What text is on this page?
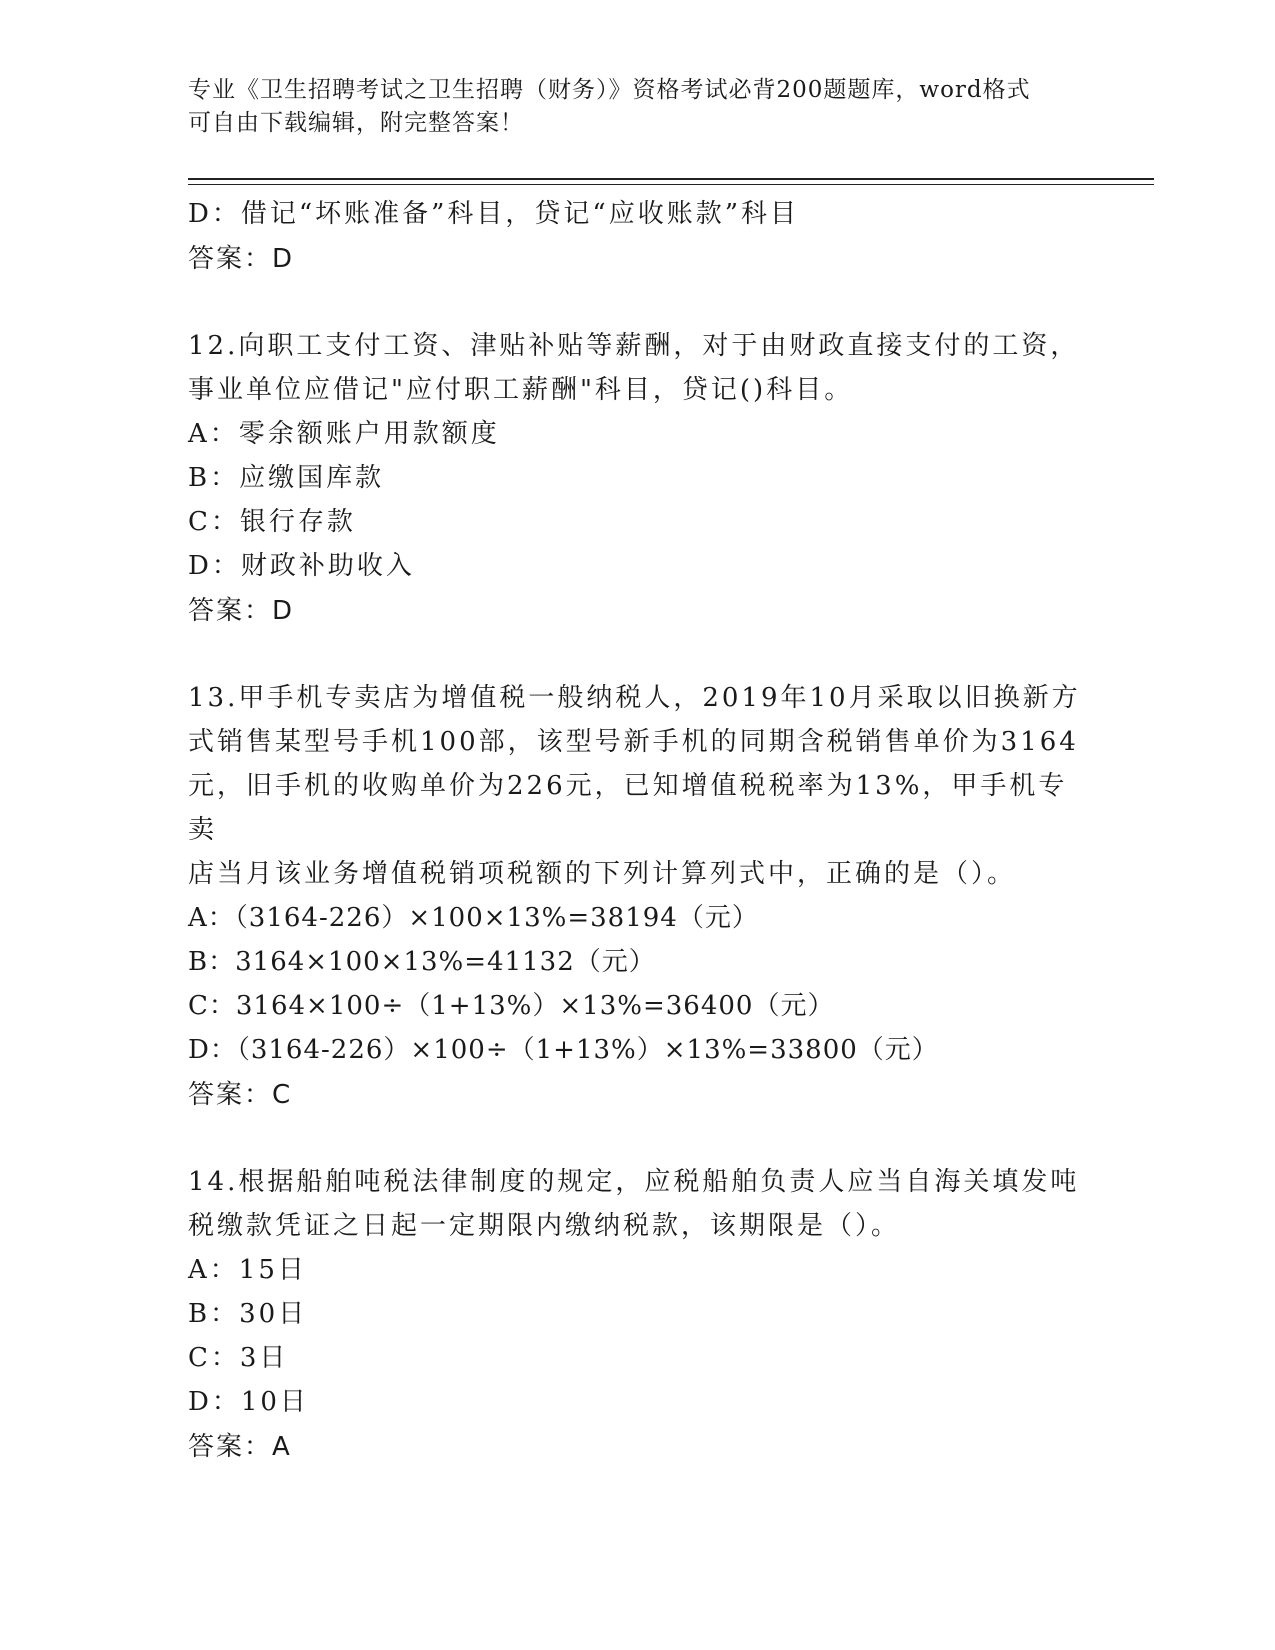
专业《卫生招聘考试之卫生招聘（财务）》资格考试必背200题题库，word格式
可自由下载编辑，附完整答案！
D：借记“坏账准备”科目，贷记“应收账款”科目
答案：D
12.向职工支付工资、津贴补贴等薪酬，对于由财政直接支付的工资，
事业单位应借记"应付职工薪酬"科目，贷记()科目。
A：零余额账户用款额度
B：应缴国库款
C：银行存款
D：财政补助收入
答案：D
13.甲手机专卖店为增值税一般纳税人，2019年10月采取以旧换新方
式销售某型号手机100部，该型号新手机的同期含税销售单价为3164
元，旧手机的收购单价为226元，已知增值税税率为13%，甲手机专卖
店当月该业务增值税销项税额的下列计算列式中，正确的是（）。
A：（3164-226）×100×13%=38194（元）
B：3164×100×13%=41132（元）
C：3164×100÷（1+13%）×13%=36400（元）
D：（3164-226）×100÷（1+13%）×13%=33800（元）
答案：C
14.根据船舶吨税法律制度的规定，应税船舶负责人应当自海关填发吨
税缴款凭证之日起一定期限内缴纳税款，该期限是（）。
A：15日
B：30日
C：3日
D：10日
答案：A
